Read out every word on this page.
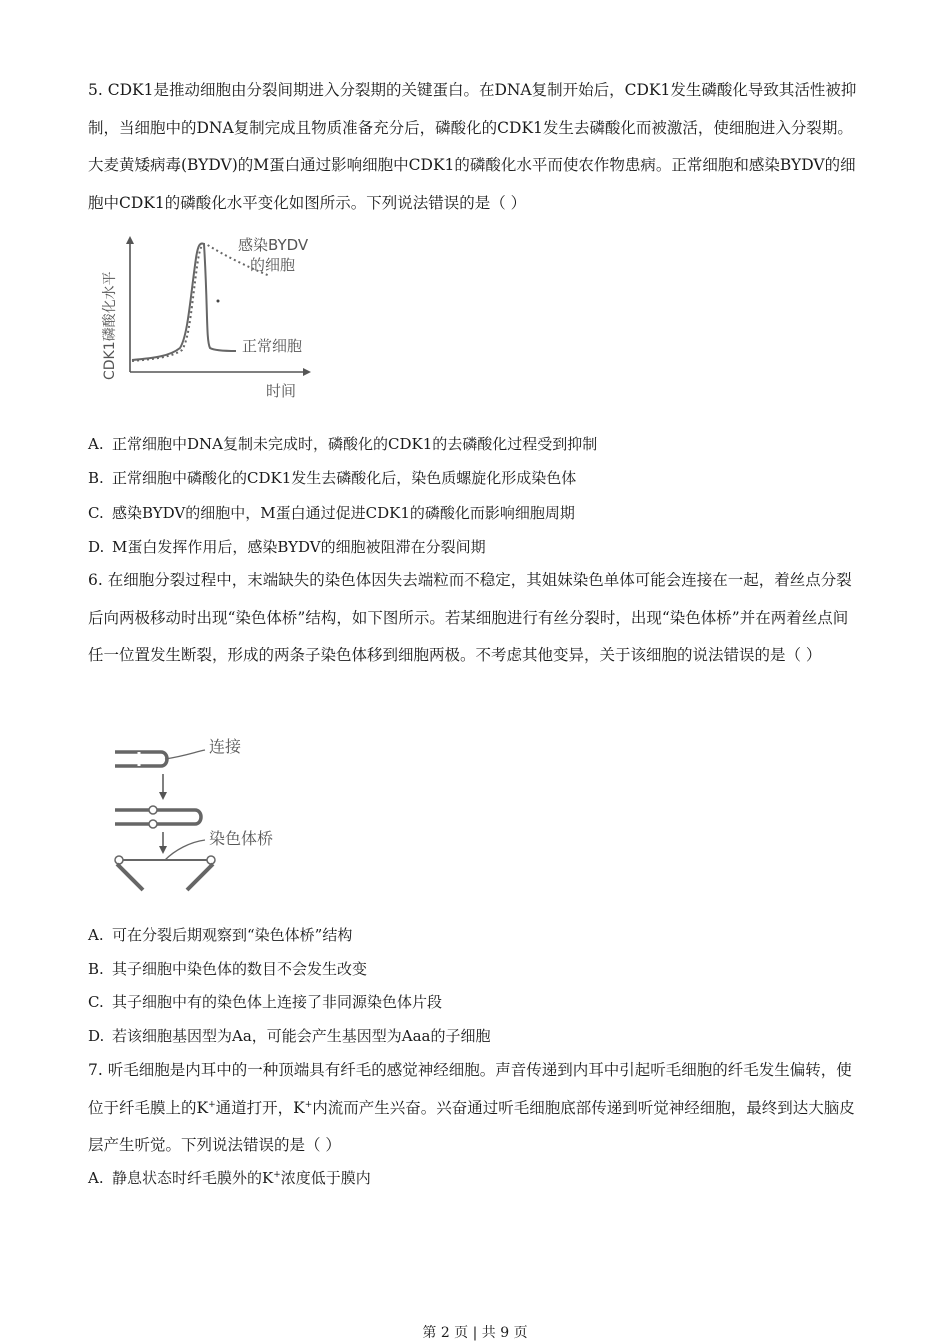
5. CDK1是推动细胞由分裂间期进入分裂期的关键蛋白。在DNA复制开始后，CDK1发生磷酸化导致其活性被抑制，当细胞中的DNA复制完成且物质准备充分后，磷酸化的CDK1发生去磷酸化而被激活，使细胞进入分裂期。大麦黄矮病毒(BYDV)的M蛋白通过影响细胞中CDK1的磷酸化水平而使农作物患病。正常细胞和感染BYDV的细胞中CDK1的磷酸化水平变化如图所示。下列说法错误的是（ ）
CDK1磷酸化水平
感染BYDV
的细胞
正常细胞
时间
A. 正常细胞中DNA复制未完成时，磷酸化的CDK1的去磷酸化过程受到抑制
B. 正常细胞中磷酸化的CDK1发生去磷酸化后，染色质螺旋化形成染色体
C. 感染BYDV的细胞中，M蛋白通过促进CDK1的磷酸化而影响细胞周期
D. M蛋白发挥作用后，感染BYDV的细胞被阻滞在分裂间期
6. 在细胞分裂过程中，末端缺失的染色体因失去端粒而不稳定，其姐妹染色单体可能会连接在一起，着丝点分裂后向两极移动时出现“染色体桥”结构，如下图所示。若某细胞进行有丝分裂时，出现“染色体桥”并在两着丝点间任一位置发生断裂，形成的两条子染色体移到细胞两极。不考虑其他变异，关于该细胞的说法错误的是（ ）
连接
染色体桥
A. 可在分裂后期观察到“染色体桥”结构
B. 其子细胞中染色体的数目不会发生改变
C. 其子细胞中有的染色体上连接了非同源染色体片段
D. 若该细胞基因型为Aa，可能会产生基因型为Aaa的子细胞
7. 听毛细胞是内耳中的一种顶端具有纤毛的感觉神经细胞。声音传递到内耳中引起听毛细胞的纤毛发生偏转，使位于纤毛膜上的K+通道打开，K+内流而产生兴奋。兴奋通过听毛细胞底部传递到听觉神经细胞，最终到达大脑皮层产生听觉。下列说法错误的是（ ）
A. 静息状态时纤毛膜外的K+浓度低于膜内
第 2 页 | 共 9 页
